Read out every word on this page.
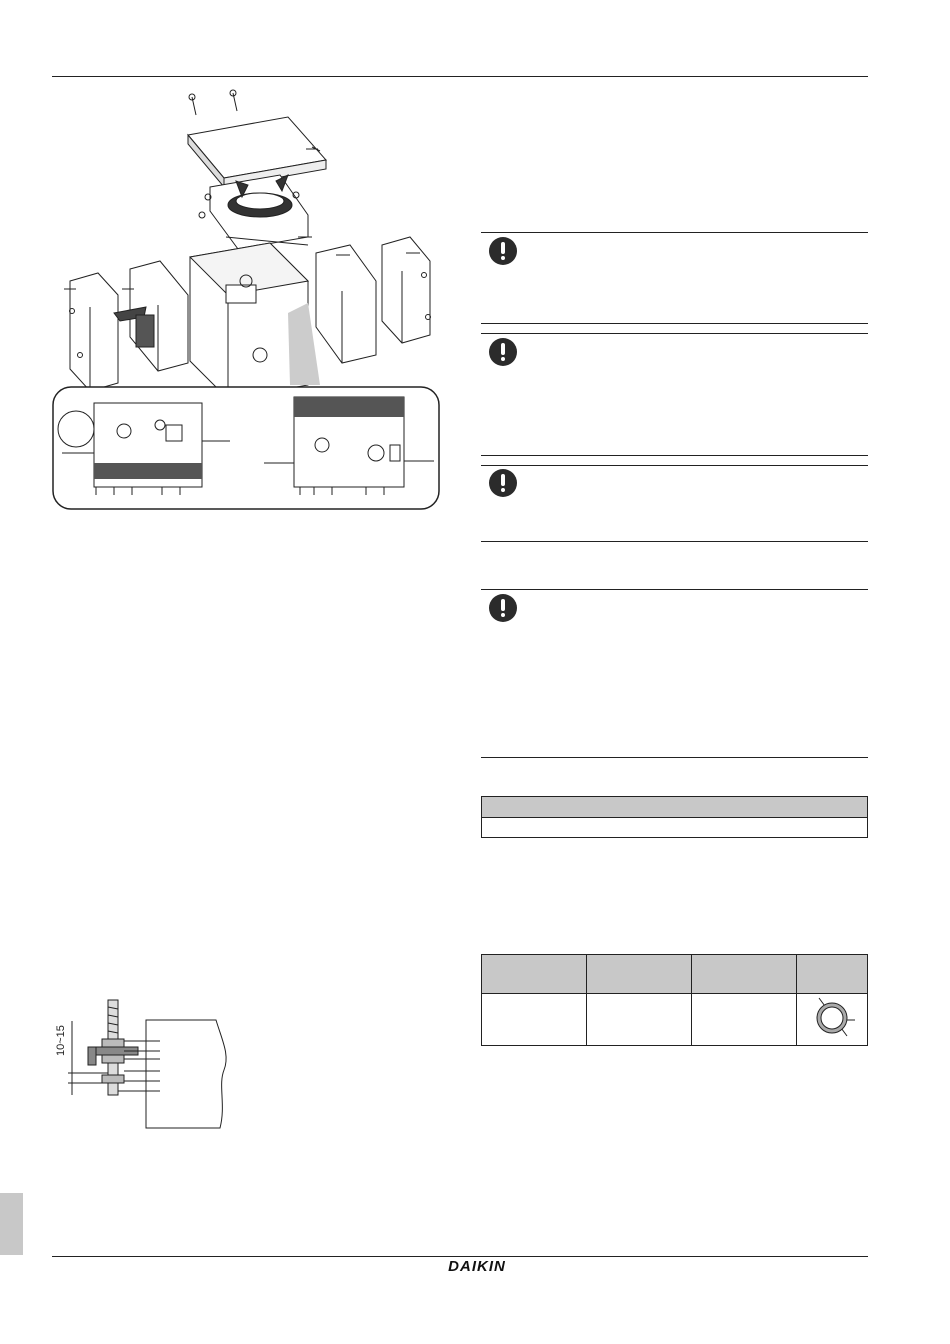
10~15
DAIKIN
